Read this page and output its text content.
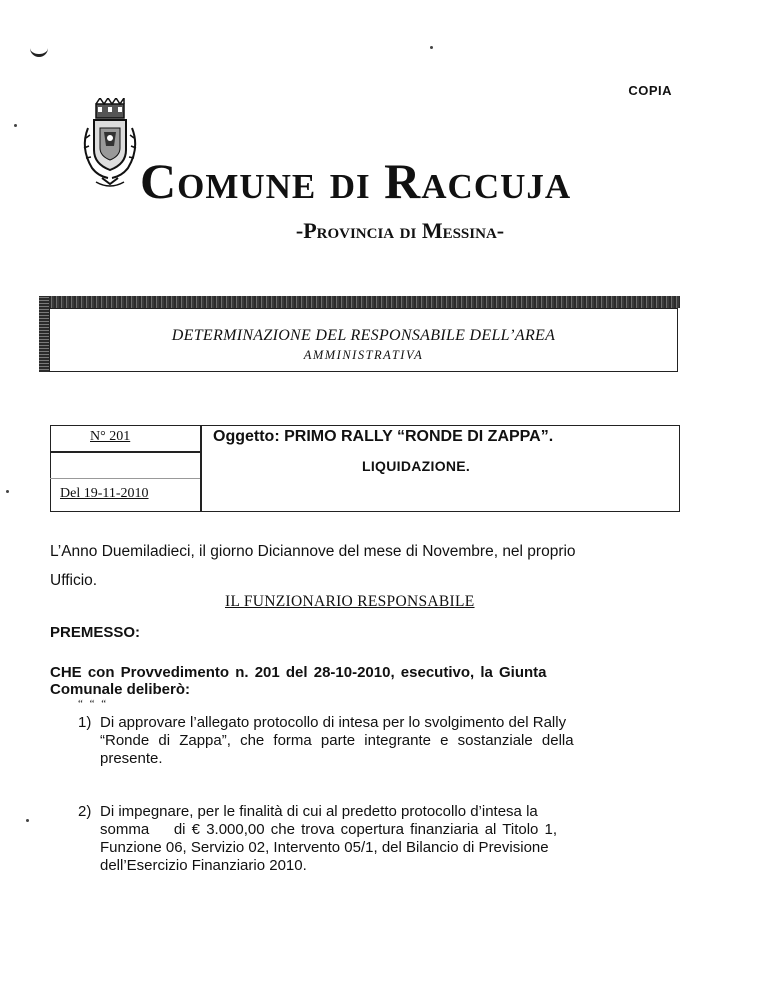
COPIA
Comune di Raccuja
-Provincia di Messina-
DETERMINAZIONE DEL RESPONSABILE DELL’AREA
AMMINISTRATIVA
N° 201
Del 19-11-2010
Oggetto: PRIMO RALLY “RONDE DI ZAPPA”.
LIQUIDAZIONE.
L’Anno Duemiladieci, il giorno Diciannove del mese di Novembre, nel proprio
Ufficio.
IL FUNZIONARIO RESPONSABILE
PREMESSO:
CHE con Provvedimento n. 201 del 28-10-2010, esecutivo, la Giunta
Comunale deliberò:
“ “ “
1) Di approvare l’allegato protocollo di intesa per lo svolgimento del Rally
“Ronde di Zappa”, che forma parte integrante e sostanziale della
presente.
2) Di impegnare, per le finalità di cui al predetto protocollo d’intesa la
somma    di € 3.000,00 che trova copertura finanziaria al Titolo 1,
Funzione 06, Servizio 02, Intervento 05/1, del Bilancio di Previsione
dell’Esercizio Finanziario 2010.
